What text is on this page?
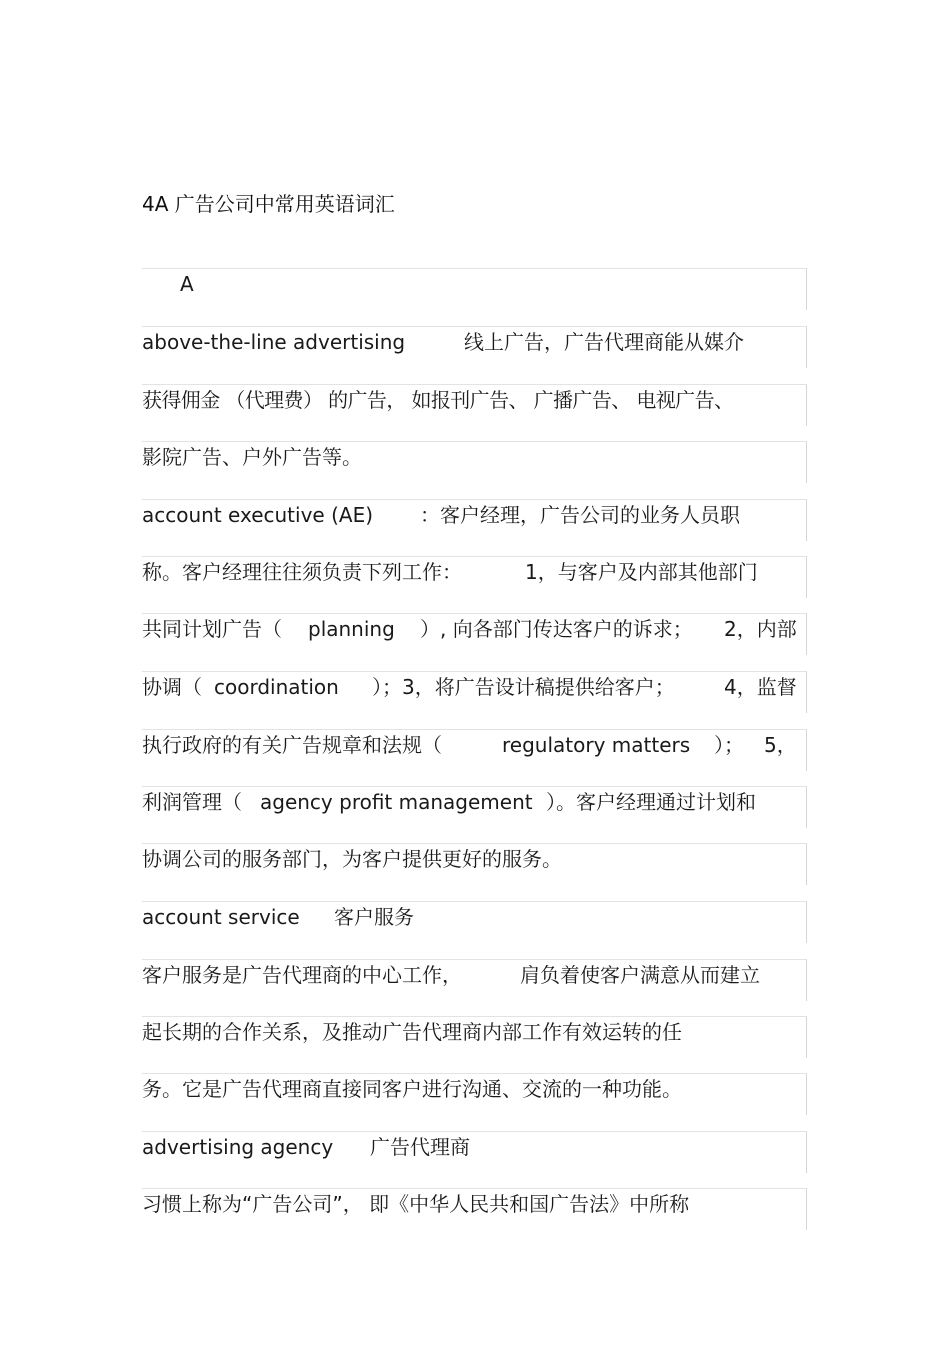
4A 广告公司中常用英语词汇
A
above-the-line advertising	线上广告，广告代理商能从媒介
获得佣金 （代理费） 的广告， 如报刊广告、 广播广告、 电视广告、
影院广告、户外广告等。
account executive (AE) ：客户经理，广告公司的业务人员职
称。客户经理往往须负责下列工作：	1，与客户及内部其他部门
共同计划广告（ planning ）, 向各部门传达客户的诉求； 2，内部
协调（ coordination ）；3，将广告设计稿提供给客户； 4，监督
执行政府的有关广告规章和法规（	regulatory matters ）； 5，
利润管理（ agency profit management ）。客户经理通过计划和
协调公司的服务部门，为客户提供更好的服务。
account service 客户服务
客户服务是广告代理商的中心工作，	肩负着使客户满意从而建立
起长期的合作关系，及推动广告代理商内部工作有效运转的任
务。它是广告代理商直接同客户进行沟通、交流的一种功能。
advertising agency 广告代理商
习惯上称为“广告公司”， 即《中华人民共和国广告法》中所称
